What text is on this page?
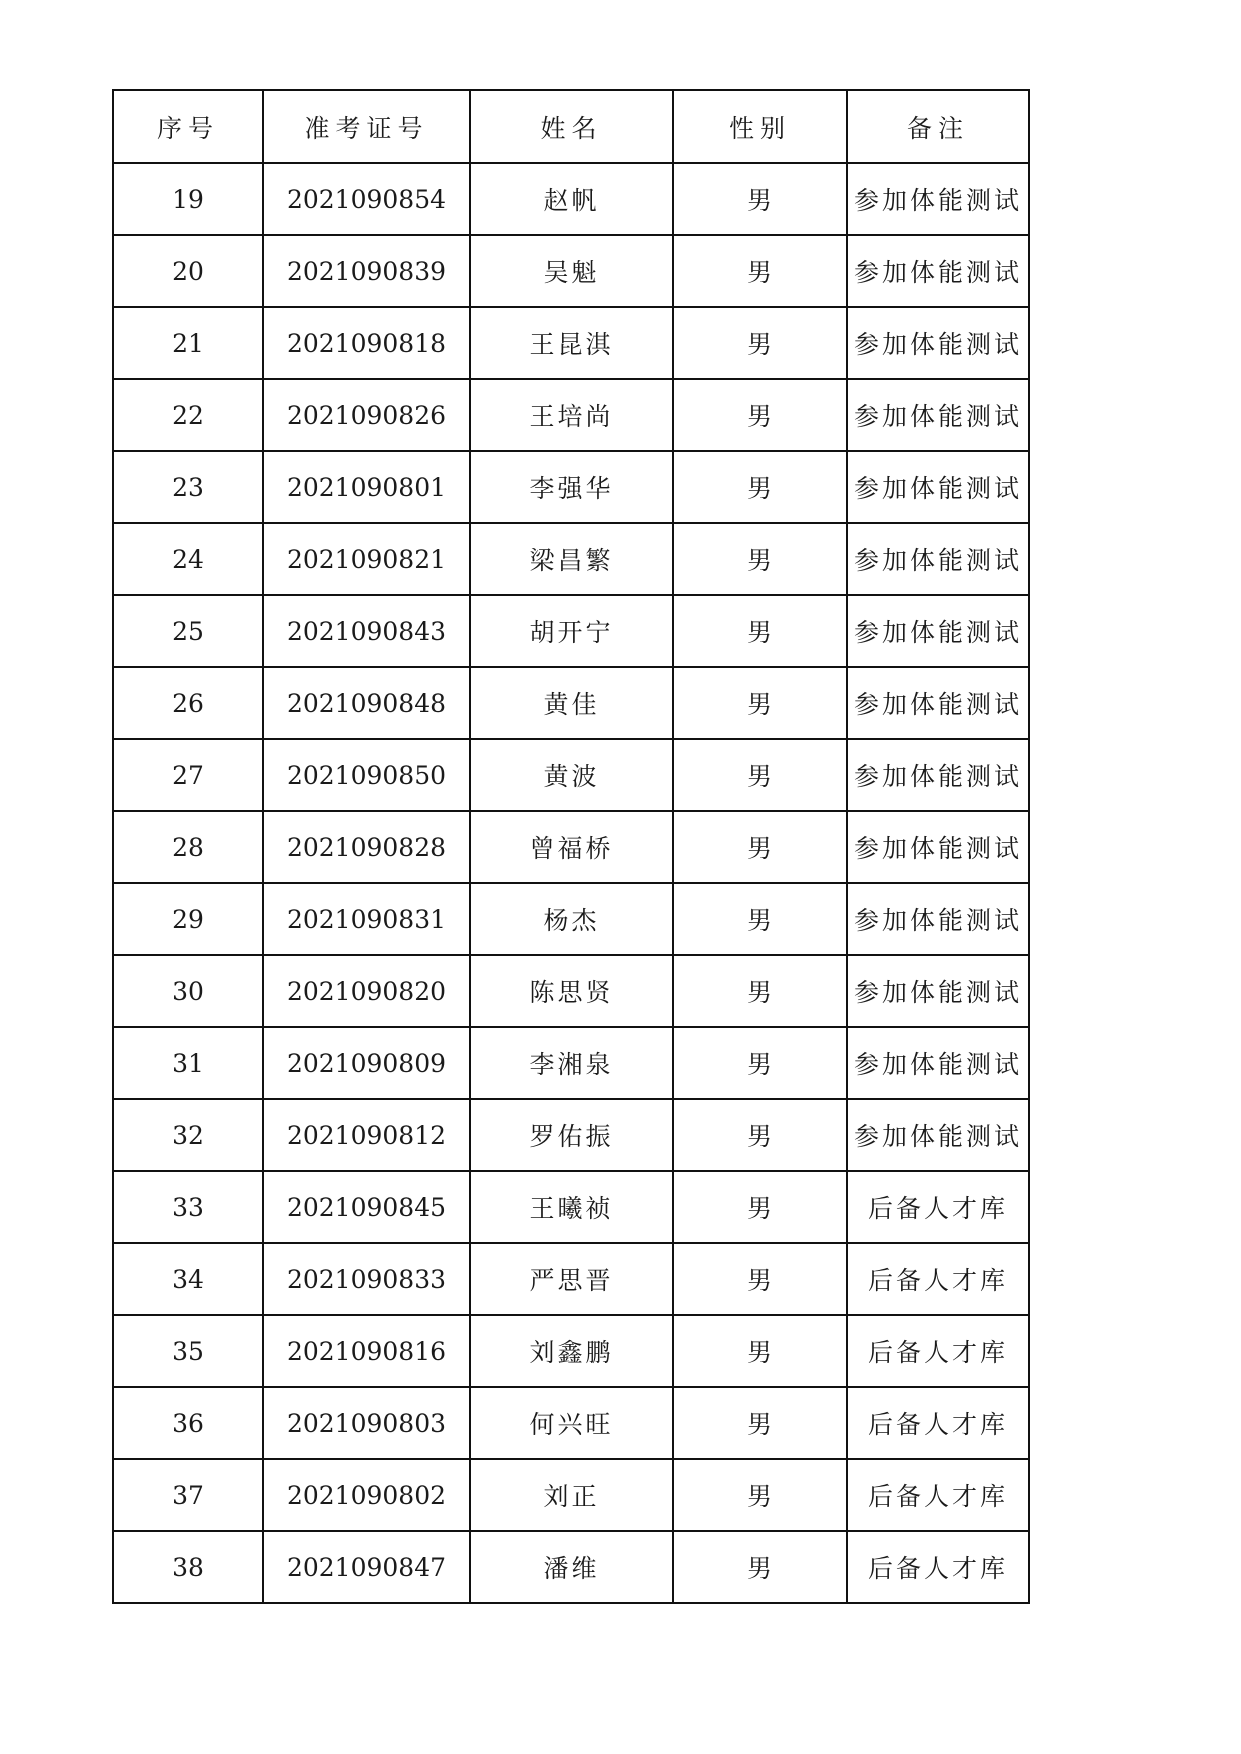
序号	准考证号	姓名	性别	备注
19	2021090854	赵帆	男	参加体能测试
20	2021090839	吴魁	男	参加体能测试
21	2021090818	王昆淇	男	参加体能测试
22	2021090826	王培尚	男	参加体能测试
23	2021090801	李强华	男	参加体能测试
24	2021090821	梁昌繁	男	参加体能测试
25	2021090843	胡开宁	男	参加体能测试
26	2021090848	黄佳	男	参加体能测试
27	2021090850	黄波	男	参加体能测试
28	2021090828	曾福桥	男	参加体能测试
29	2021090831	杨杰	男	参加体能测试
30	2021090820	陈思贤	男	参加体能测试
31	2021090809	李湘泉	男	参加体能测试
32	2021090812	罗佑振	男	参加体能测试
33	2021090845	王曦祯	男	后备人才库
34	2021090833	严思晋	男	后备人才库
35	2021090816	刘鑫鹏	男	后备人才库
36	2021090803	何兴旺	男	后备人才库
37	2021090802	刘正	男	后备人才库
38	2021090847	潘维	男	后备人才库
